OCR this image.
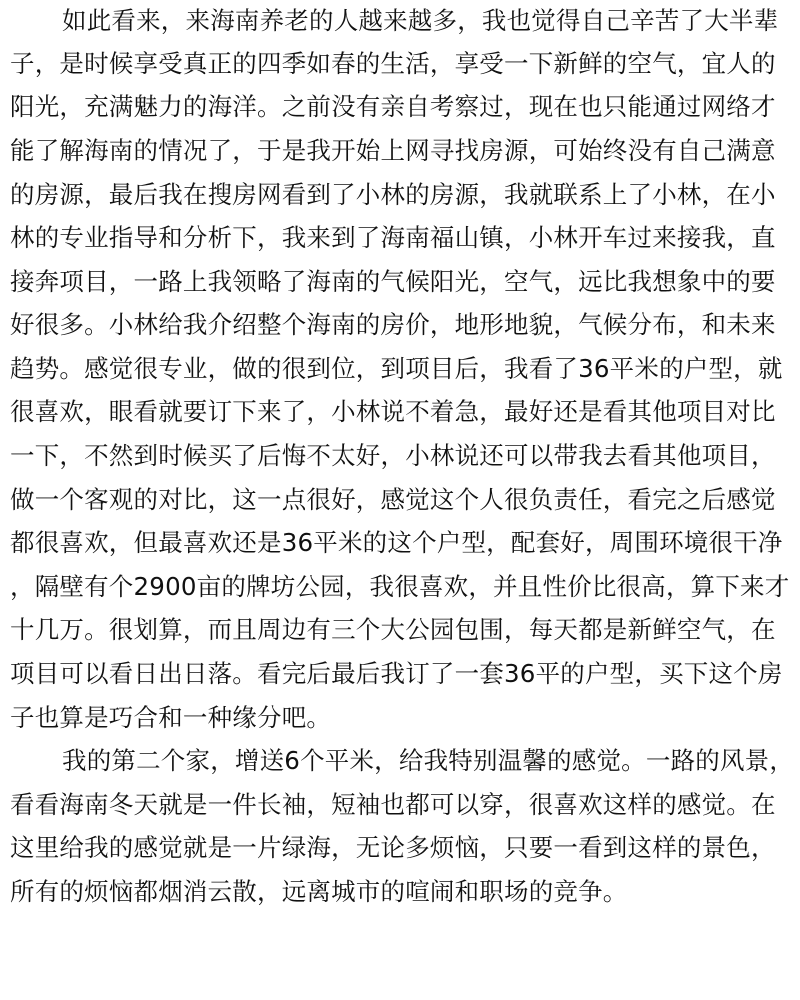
如此看来，来海南养老的人越来越多，我也觉得自己辛苦了大半辈
子，是时候享受真正的四季如春的生活，享受一下新鲜的空气，宜人的
阳光，充满魅力的海洋。之前没有亲自考察过，现在也只能通过网络才
能了解海南的情况了，于是我开始上网寻找房源，可始终没有自己满意
的房源，最后我在搜房网看到了小林的房源，我就联系上了小林，在小
林的专业指导和分析下，我来到了海南福山镇，小林开车过来接我，直
接奔项目，一路上我领略了海南的气候阳光，空气，远比我想象中的要
好很多。小林给我介绍整个海南的房价，地形地貌，气候分布，和未来
趋势。感觉很专业，做的很到位，到项目后，我看了36平米的户型，就
很喜欢，眼看就要订下来了，小林说不着急，最好还是看其他项目对比
一下，不然到时候买了后悔不太好，小林说还可以带我去看其他项目，
做一个客观的对比，这一点很好，感觉这个人很负责任，看完之后感觉
都很喜欢，但最喜欢还是36平米的这个户型，配套好，周围环境很干净
，隔壁有个2900亩的牌坊公园，我很喜欢，并且性价比很高，算下来才
十几万。很划算，而且周边有三个大公园包围，每天都是新鲜空气，在
项目可以看日出日落。看完后最后我订了一套36平的户型，买下这个房
子也算是巧合和一种缘分吧。
我的第二个家，增送6个平米，给我特别温馨的感觉。一路的风景，
看看海南冬天就是一件长袖，短袖也都可以穿，很喜欢这样的感觉。在
这里给我的感觉就是一片绿海，无论多烦恼，只要一看到这样的景色，
所有的烦恼都烟消云散，远离城市的喧闹和职场的竞争。
